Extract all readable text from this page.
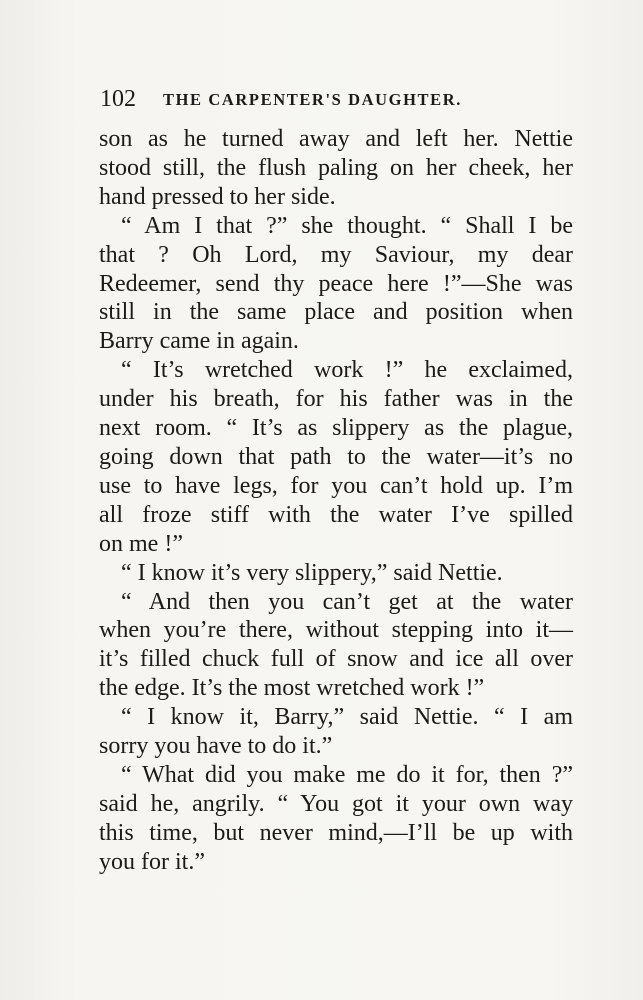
102 THE CARPENTER'S DAUGHTER.
son as he turned away and left her. Nettie
stood still, the flush paling on her cheek, her
hand pressed to her side.
“ Am I that ?” she thought. “ Shall I be
that ? Oh Lord, my Saviour, my dear
Redeemer, send thy peace here !”—She was
still in the same place and position when
Barry came in again.
“ It’s wretched work !” he exclaimed,
under his breath, for his father was in the
next room. “ It’s as slippery as the plague,
going down that path to the water—it’s no
use to have legs, for you can’t hold up. I’m
all froze stiff with the water I’ve spilled
on me !”
“ I know it’s very slippery,” said Nettie.
“ And then you can’t get at the water
when you’re there, without stepping into it—
it’s filled chuck full of snow and ice all over
the edge. It’s the most wretched work !”
“ I know it, Barry,” said Nettie. “ I am
sorry you have to do it.”
“ What did you make me do it for, then ?”
said he, angrily. “ You got it your own way
this time, but never mind,—I’ll be up with
you for it.”
